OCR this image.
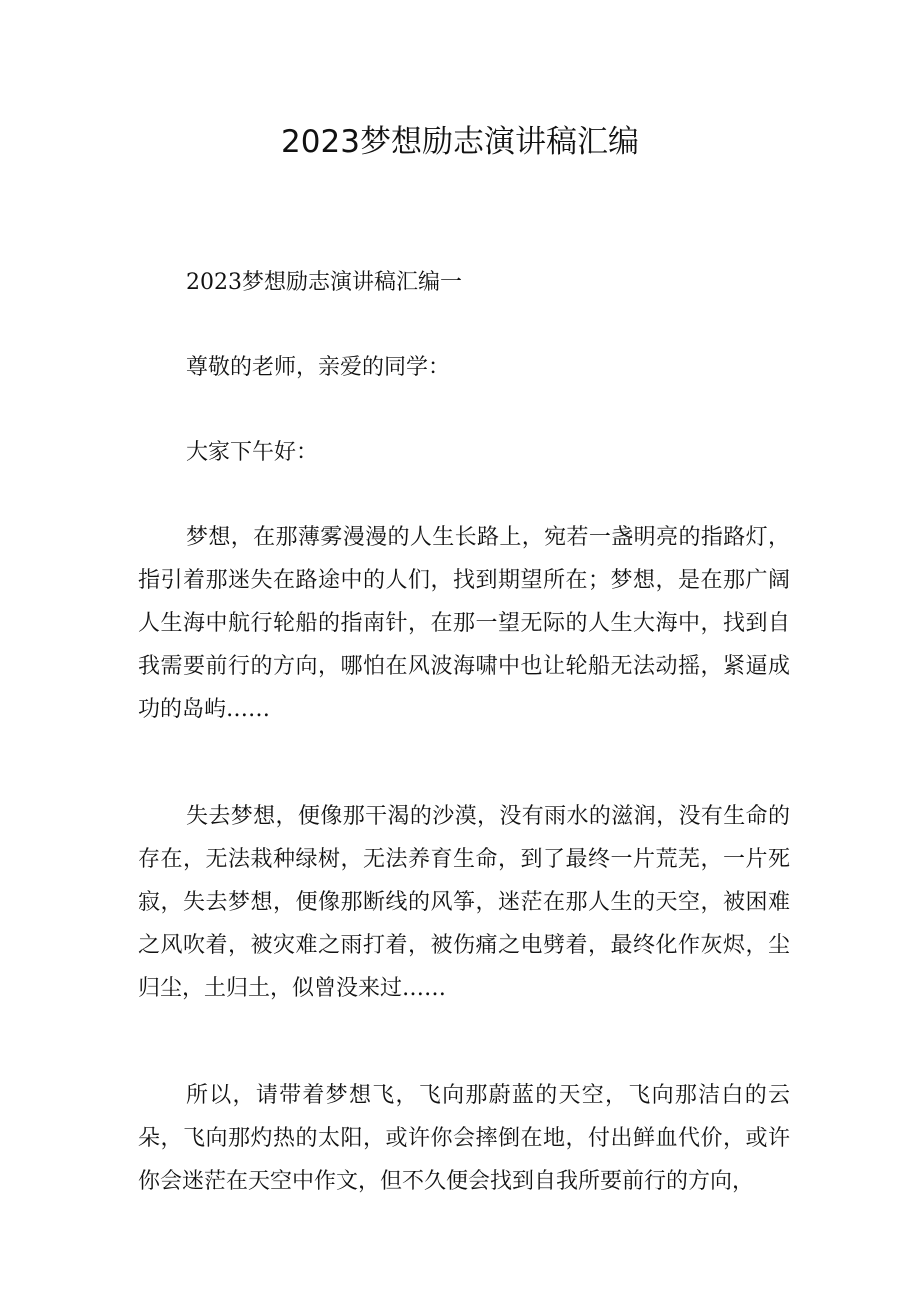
2023梦想励志演讲稿汇编

2023梦想励志演讲稿汇编一

尊敬的老师，亲爱的同学：

大家下午好：

梦想，在那薄雾漫漫的人生长路上，宛若一盏明亮的指路灯，指引着那迷失在路途中的人们，找到期望所在；梦想，是在那广阔人生海中航行轮船的指南针，在那一望无际的人生大海中，找到自我需要前行的方向，哪怕在风波海啸中也让轮船无法动摇，紧逼成功的岛屿……

失去梦想，便像那干渴的沙漠，没有雨水的滋润，没有生命的存在，无法栽种绿树，无法养育生命，到了最终一片荒芜，一片死寂，失去梦想，便像那断线的风筝，迷茫在那人生的天空，被困难之风吹着，被灾难之雨打着，被伤痛之电劈着，最终化作灰烬，尘归尘，土归土，似曾没来过……

所以，请带着梦想飞，飞向那蔚蓝的天空，飞向那洁白的云朵，飞向那灼热的太阳，或许你会摔倒在地，付出鲜血代价，或许你会迷茫在天空中作文，但不久便会找到自我所要前行的方向，
